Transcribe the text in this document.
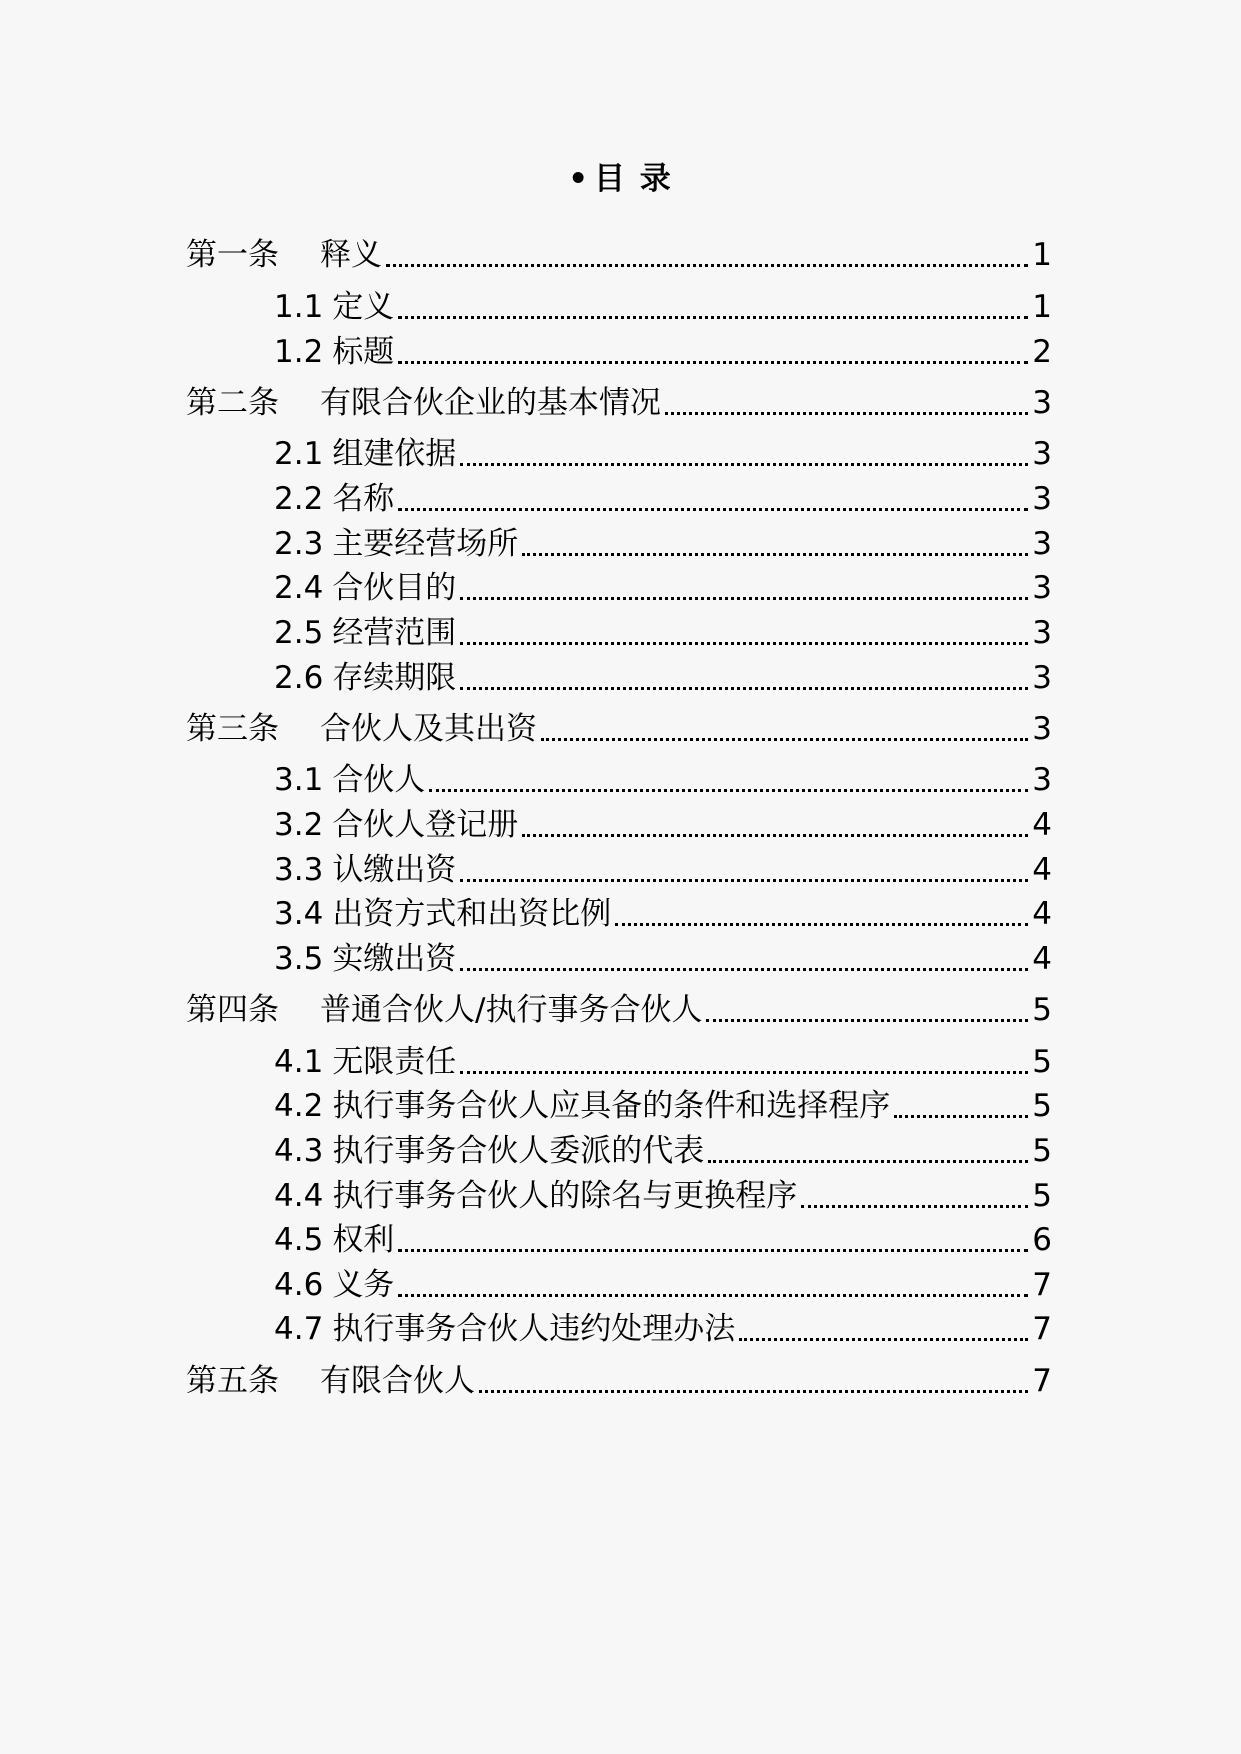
• 目 录
第一条	释义	1
1.1 定义	1
1.2 标题	2
第二条	有限合伙企业的基本情况	3
2.1 组建依据	3
2.2 名称	3
2.3 主要经营场所	3
2.4 合伙目的	3
2.5 经营范围	3
2.6 存续期限	3
第三条	合伙人及其出资	3
3.1 合伙人	3
3.2 合伙人登记册	4
3.3 认缴出资	4
3.4 出资方式和出资比例	4
3.5 实缴出资	4
第四条	普通合伙人/执行事务合伙人	5
4.1 无限责任	5
4.2 执行事务合伙人应具备的条件和选择程序	5
4.3 执行事务合伙人委派的代表	5
4.4 执行事务合伙人的除名与更换程序	5
4.5 权利	6
4.6 义务	7
4.7 执行事务合伙人违约处理办法	7
第五条	有限合伙人	7
